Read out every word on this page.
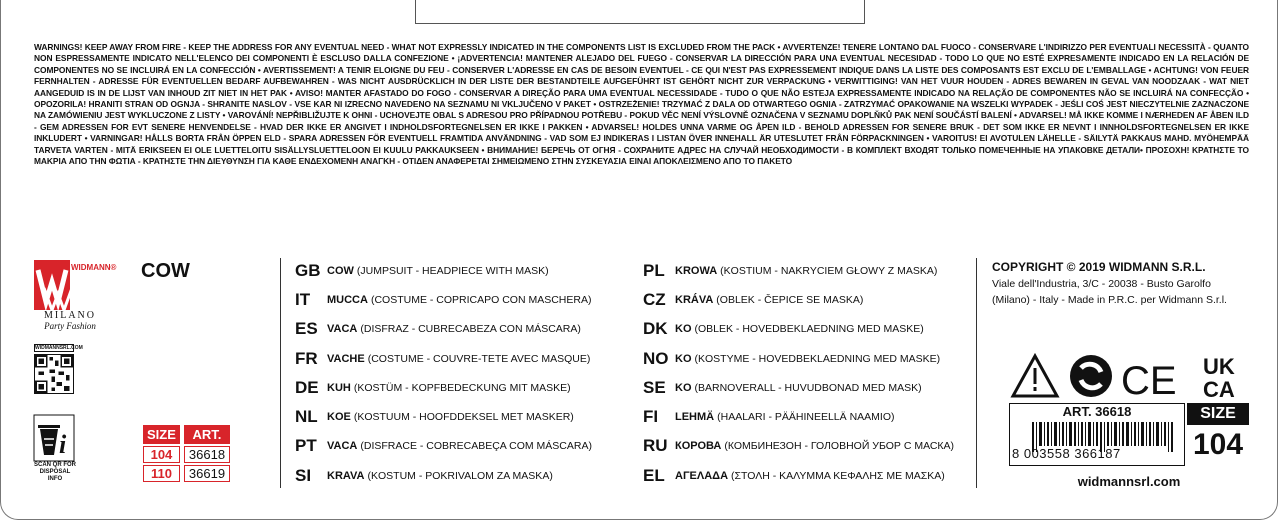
WARNINGS! KEEP AWAY FROM FIRE - KEEP THE ADDRESS FOR ANY EVENTUAL NEED - WHAT NOT EXPRESSLY INDICATED IN THE COMPONENTS LIST IS EXCLUDED FROM THE PACK • AVVERTENZE! TENERE LONTANO DAL FUOCO - CONSERVARE L'INDIRIZZO PER EVENTUALI NECESSITÀ - QUANTO NON ESPRESSAMENTE INDICATO NELL'ELENCO DEI COMPONENTI È ESCLUSO DALLA CONFEZIONE • ¡ADVERTENCIA! MANTENER ALEJADO DEL FUEGO - CONSERVAR LA DIRECCIÓN PARA UNA EVENTUAL NECESIDAD - TODO LO QUE NO ESTÉ EXPRESAMENTE INDICADO EN LA RELACIÓN DE COMPONENTES NO SE INCLUIRÁ EN LA CONFECCIÓN • AVERTISSEMENT! A TENIR ELOIGNE DU FEU - CONSERVER L'ADRESSE EN CAS DE BESOIN EVENTUEL - CE QUI N'EST PAS EXPRESSEMENT INDIQUE DANS LA LISTE DES COMPOSANTS EST EXCLU DE L'EMBALLAGE • ACHTUNG! VON FEUER FERNHALTEN - ADRESSE FÜR EVENTUELLEN BEDARF AUFBEWAHREN - WAS NICHT AUSDRÜCKLICH IN DER LISTE DER BESTANDTEILE AUFGEFÜHRT IST GEHÖRT NICHT ZUR VERPACKUNG • VERWITTIGING! VAN HET VUUR HOUDEN - ADRES BEWAREN IN GEVAL VAN NOODZAAK - WAT NIET AANGEDUID IS IN DE LIJST VAN INHOUD ZIT NIET IN HET PAK • AVISO! MANTER AFASTADO DO FOGO - CONSERVAR A DIREÇÃO PARA UMA EVENTUAL NECESSIDADE - TUDO O QUE NÃO ESTEJA EXPRESSAMENTE INDICADO NA RELAÇÃO DE COMPONENTES NÃO SE INCLUIRÁ NA CONFECÇÃO • OPOZORILA! HRANITI STRAN OD OGNJA - SHRANITE NASLOV - VSE KAR NI IZRECNO NAVEDENO NA SEZNAMU NI VKLJUČENO V PAKET • OSTRZEŻENIE! TRZYMAĆ Z DALA OD OTWARTEGO OGNIA - ZATRZYMAĆ OPAKOWANIE NA WSZELKI WYPADEK - JEŚLI COŚ JEST NIECZYTELNIE ZAZNACZONE NA ZAMÓWIENIU JEST WYKLUCZONE Z LISTY • VAROVÁNÍ! NEPŘIBLIŽUJTE K OHNI - UCHOVEJTE OBAL S ADRESOU PRO PŘÍPADNOU POTŘEBU - POKUD VĚC NENÍ VÝSLOVNĚ OZNAČENA V SEZNAMU DOPLŇKŮ PAK NENÍ SOUČÁSTÍ BALENÍ • ADVARSEL! MÅ IKKE KOMME I NÆRHEDEN AF ÅBEN ILD - GEM ADRESSEN FOR EVT SENERE HENVENDELSE - HVAD DER IKKE ER ANGIVET I INDHOLDSFORTEGNELSEN ER IKKE I PAKKEN • ADVARSEL! HOLDES UNNA VARME OG ÅPEN ILD - BEHOLD ADRESSEN FOR SENERE BRUK - DET SOM IKKE ER NEVNT I INNHOLDSFORTEGNELSEN ER IKKE INKLUDERT • VARNINGAR! HÅLLS BORTA FRÅN ÖPPEN ELD - SPARA ADRESSEN FÖR EVENTUELL FRAMTIDA ANVÄNDNING - VAD SOM EJ INDIKERAS I LISTAN ÖVER INNEHALL ÄR UTESLUTET FRÅN FÖRPACKNINGEN • VAROITUS! EI AVOTULEN LÄHELLE - SÄILYTÄ PAKKAUS MAHD. MYÖHEMPÄÄ TARVETA VARTEN - MITÄ ERIKSEEN EI OLE LUETTELOITU SISÄLLYSLUETTELOON EI KUULU PAKKAUKSEEN • ВНИМАНИЕ! БЕРЕЧЬ ОТ ОГНЯ - СОХРАНИТЕ АДРЕС НА СЛУЧАЙ НЕОБХОДИМОСТИ - В КОМПЛЕКТ ВХОДЯТ ТОЛЬКО ПОМЕЧЕННЫЕ НА УПАКОВКЕ ДЕТАЛИ• ΠΡΟΣΟΧΗ! ΚΡΑΤΗΣΤΕ ΤΟ ΜΑΚΡΙΑ ΑΠΟ ΤΗΝ ΦΩΤΙΑ - ΚΡΑΤΗΣΤΕ ΤΗΝ ΔΙΕΥΘΥΝΣΗ ΓΙΑ ΚΑΘΕ ΕΝΔΕΧΟΜΕΝΗ ΑΝΑΓΚΗ - ΟΤΙΔΕΝ ΑΝΑΦΕΡΕΤΑΙ ΣΗΜΕΙΩΜΕΝΟ ΣΤΗΝ ΣΥΣΚΕΥΑΣΙΑ ΕΙΝΑΙ ΑΠΟΚΛΕΙΣΜΕΝΟ ΑΠΟ ΤΟ ΠΑΚΕΤΟ
WIDMANN®
MILANO
Party Fashion
WIDMANNSRL.COM
i
SCAN QR FOR DISPOSAL INFO
COW
SIZE	ART.
104	36618
110	36619
GB COW (JUMPSUIT - HEADPIECE WITH MASK)
IT	MUCCA (COSTUME - COPRICAPO CON MASCHERA)
ES VACA (DISFRAZ - CUBRECABEZA CON MÁSCARA)
FR VACHE (COSTUME - COUVRE-TETE AVEC MASQUE)
DE KUH (KOSTÜM - KOPFBEDECKUNG MIT MASKE)
NL KOE (KOSTUUM - HOOFDDEKSEL MET MASKER)
PT VACA (DISFRACE - COBRECABEÇA COM MÁSCARA)
SI	KRAVA (KOSTUM - POKRIVALOM ZA MASKA)
PL KROWA (KOSTIUM - NAKRYCIEM GŁOWY Z MASKA)
CZ KRÁVA (OBLEK - ČEPICE SE MASKA)
DK KO (OBLEK - HOVEDBEKLAEDNING MED MASKE)
NO KO (KOSTYME - HOVEDBEKLAEDNING MED MASKE)
SE KO (BARNOVERALL - HUVUDBONAD MED MASK)
FI	LEHMÄ (HAALARI - PÄÄHINEELLÄ NAAMIO)
RU КОРОВА (КОМБИНЕЗОН - ГОЛОВНОЙ УБОР С МАСКА)
EL ΑΓΕΛΑΔΑ (ΣΤΟΛΗ - ΚΑΛΥΜΜΑ ΚΕΦΑΛΗΣ ΜΕ ΜΑΣΚΑ)
COPYRIGHT © 2019 WIDMANN S.R.L.
Viale dell'Industria, 3/C - 20038 - Busto Garolfo
(Milano) - Italy - Made in P.R.C. per Widmann S.r.l.
CE UK
CA
ART. 36618
8 003558 366187
SIZE
104
widmannsrl.com
